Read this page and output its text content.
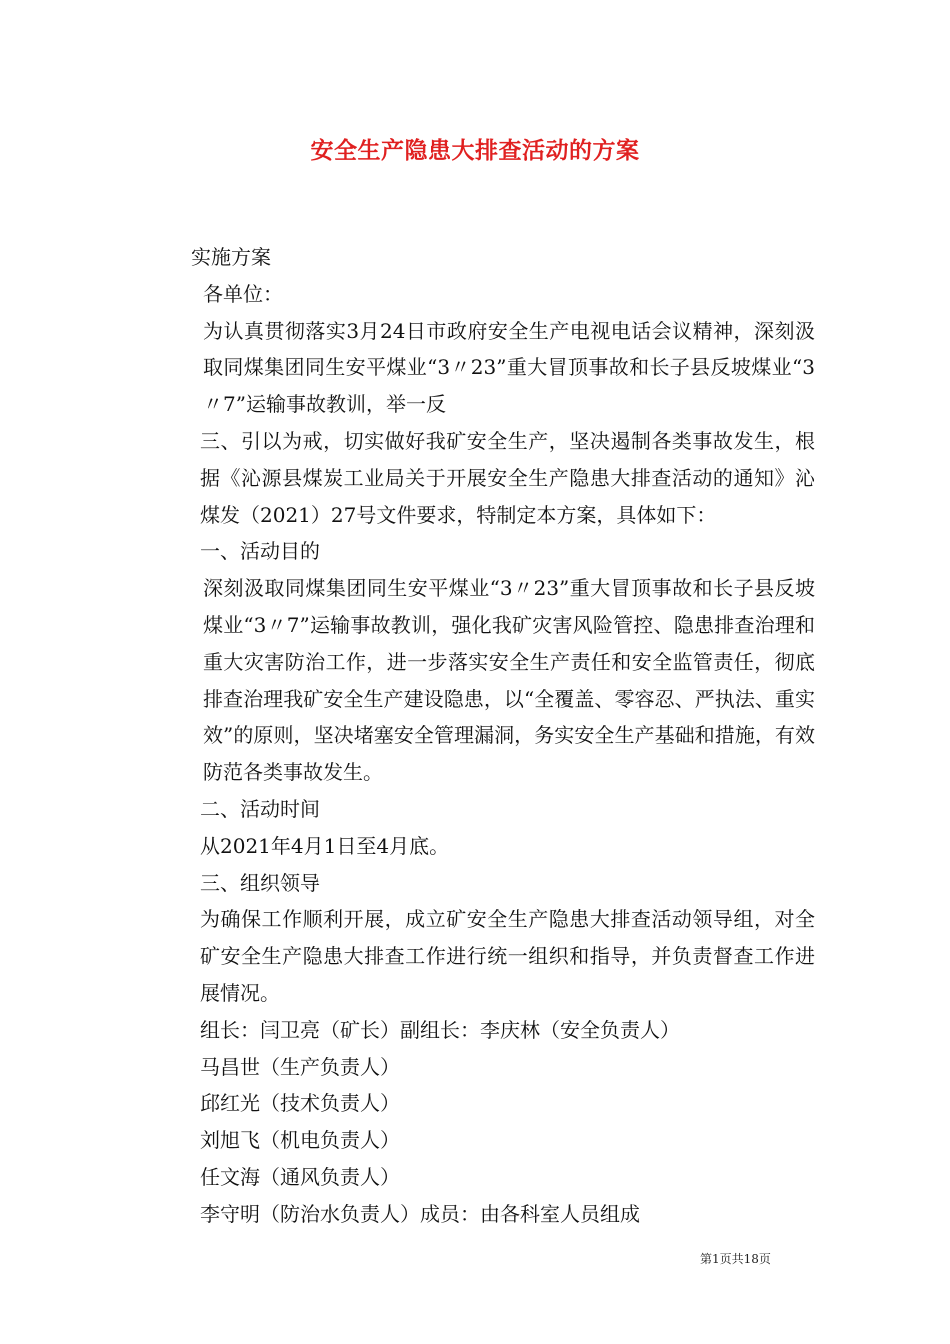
安全生产隐患大排查活动的方案

实施方案

各单位：

为认真贯彻落实3月24日市政府安全生产电视电话会议精神，深刻汲取同煤集团同生安平煤业“3〃23”重大冒顶事故和长子县反坡煤业“3〃7”运输事故教训，举一反

三、引以为戒，切实做好我矿安全生产，坚决遏制各类事故发生，根据《沁源县煤炭工业局关于开展安全生产隐患大排查活动的通知》沁煤发（2021）27号文件要求，特制定本方案，具体如下：

一、活动目的

深刻汲取同煤集团同生安平煤业“3〃23”重大冒顶事故和长子县反坡煤业“3〃7”运输事故教训，强化我矿灾害风险管控、隐患排查治理和重大灾害防治工作，进一步落实安全生产责任和安全监管责任，彻底排查治理我矿安全生产建设隐患，以“全覆盖、零容忍、严执法、重实效”的原则，坚决堵塞安全管理漏洞，务实安全生产基础和措施，有效防范各类事故发生。

二、活动时间

从2021年4月1日至4月底。

三、组织领导

为确保工作顺利开展，成立矿安全生产隐患大排查活动领导组，对全矿安全生产隐患大排查工作进行统一组织和指导，并负责督查工作进展情况。

组长：闫卫亮（矿长）副组长：李庆林（安全负责人）

马昌世（生产负责人）

邱红光（技术负责人）

刘旭飞（机电负责人）

任文海（通风负责人）

李守明（防治水负责人）成员：由各科室人员组成

第1页共18页
